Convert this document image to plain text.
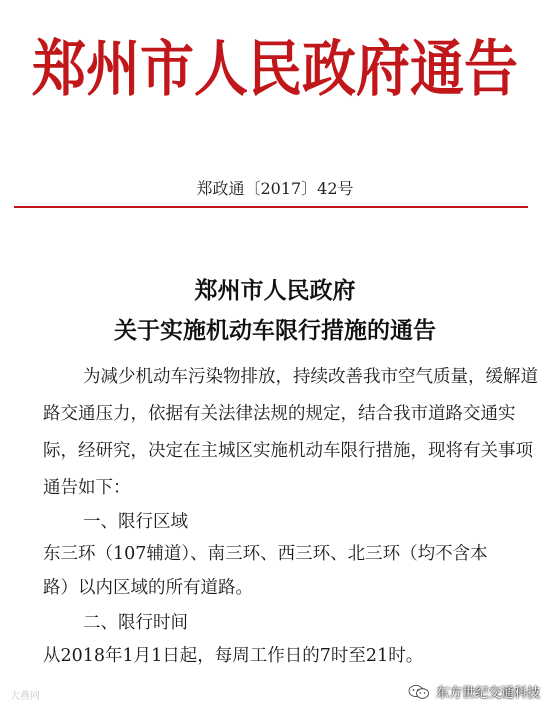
郑州市人民政府通告
郑政通〔2017〕42号
郑州市人民政府
关于实施机动车限行措施的通告
为减少机动车污染物排放，持续改善我市空气质量，缓解道
路交通压力，依据有关法律法规的规定，结合我市道路交通实
际，经研究，决定在主城区实施机动车限行措施，现将有关事项
通告如下：
一、限行区域
东三环（107辅道）、南三环、西三环、北三环（均不含本
路）以内区域的所有道路。
二、限行时间
从2018年1月1日起，每周工作日的7时至21时。
大燕网	东方世纪交通科技
